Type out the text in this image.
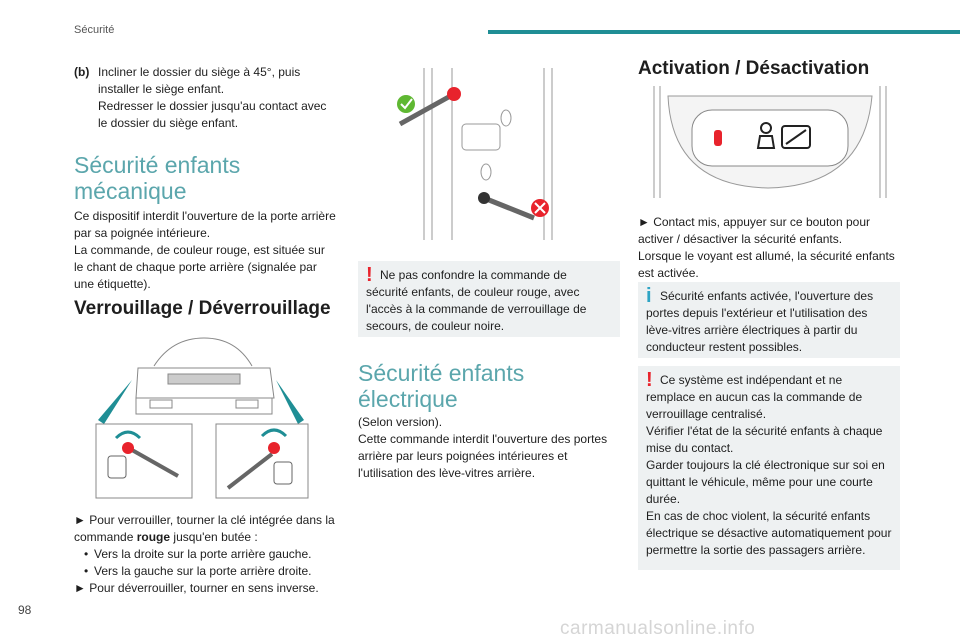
Sécurité
(b) Incliner le dossier du siège à 45°, puis installer le siège enfant.

Redresser le dossier jusqu'au contact avec le dossier du siège enfant.

Sécurité enfants mécanique

Ce dispositif interdit l'ouverture de la porte arrière par sa poignée intérieure.

La commande, de couleur rouge, est située sur le chant de chaque porte arrière (signalée par une étiquette).

Verrouillage / Déverrouillage

► Pour verrouiller, tourner la clé intégrée dans la commande rouge jusqu'en butée :

• Vers la droite sur la porte arrière gauche.
• Vers la gauche sur la porte arrière droite.

► Pour déverrouiller, tourner en sens inverse.

! Ne pas confondre la commande de sécurité enfants, de couleur rouge, avec l'accès à la commande de verrouillage de secours, de couleur noire.
Sécurité enfants électrique

(Selon version).

Cette commande interdit l'ouverture des portes arrière par leurs poignées intérieures et l'utilisation des lève-vitres arrière.

Activation / Désactivation

► Contact mis, appuyer sur ce bouton pour activer / désactiver la sécurité enfants.

Lorsque le voyant est allumé, la sécurité enfants est activée.

i Sécurité enfants activée, l'ouverture des portes depuis l'extérieur et l'utilisation des lève-vitres arrière électriques à partir du conducteur restent possibles.
! Ce système est indépendant et ne remplace en aucun cas la commande de verrouillage centralisé.

Vérifier l'état de la sécurité enfants à chaque mise du contact.

Garder toujours la clé électronique sur soi en quittant le véhicule, même pour une courte durée.

En cas de choc violent, la sécurité enfants électrique se désactive automatiquement pour permettre la sortie des passagers arrière.

98
carmanualsonline.info
